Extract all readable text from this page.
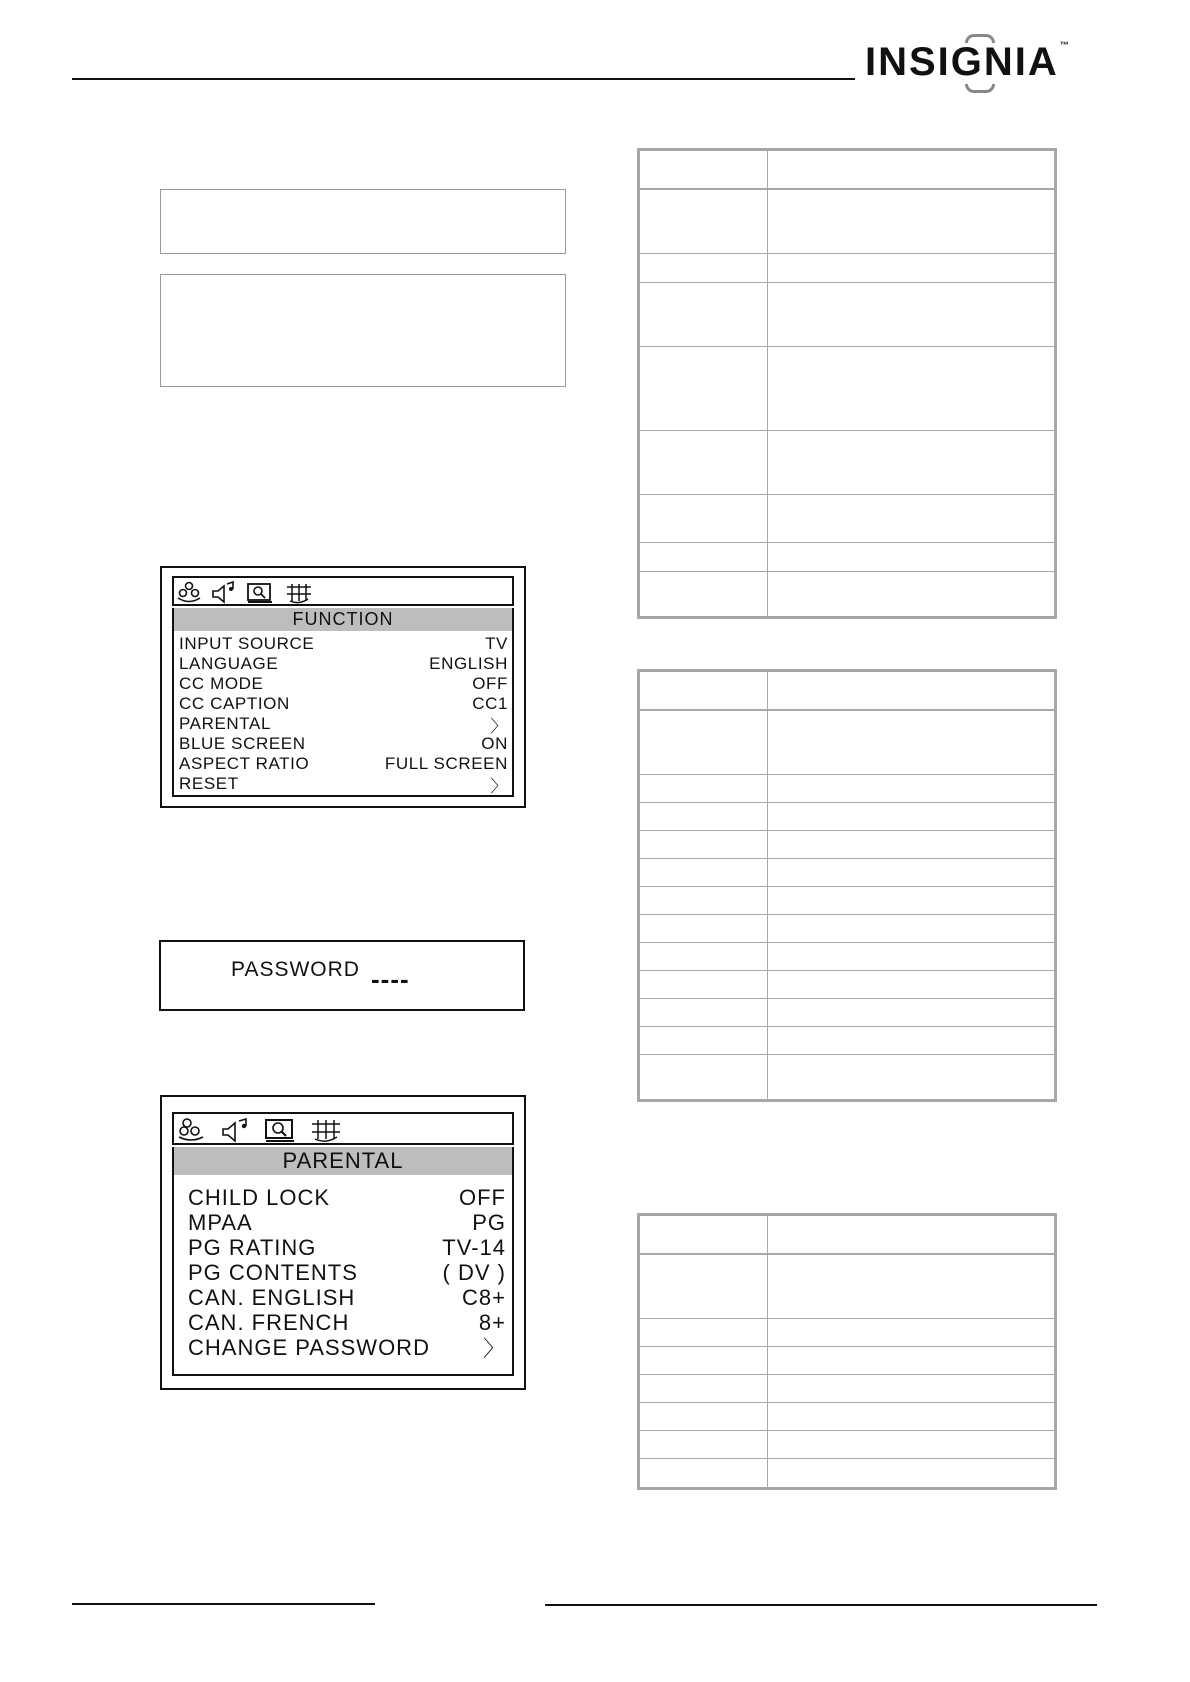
INSIGNIA™
FUNCTION
INPUT SOURCE	TV
LANGUAGE	ENGLISH
CC MODE	OFF
CC CAPTION	CC1
PARENTAL	〉
BLUE SCREEN	ON
ASPECT RATIO	FULL SCREEN
RESET	〉
PASSWORD ----
PARENTAL
CHILD LOCK	OFF
MPAA	PG
PG RATING	TV-14
PG CONTENTS	( DV )
CAN. ENGLISH	C8+
CAN. FRENCH	8+
CHANGE PASSWORD 〉
